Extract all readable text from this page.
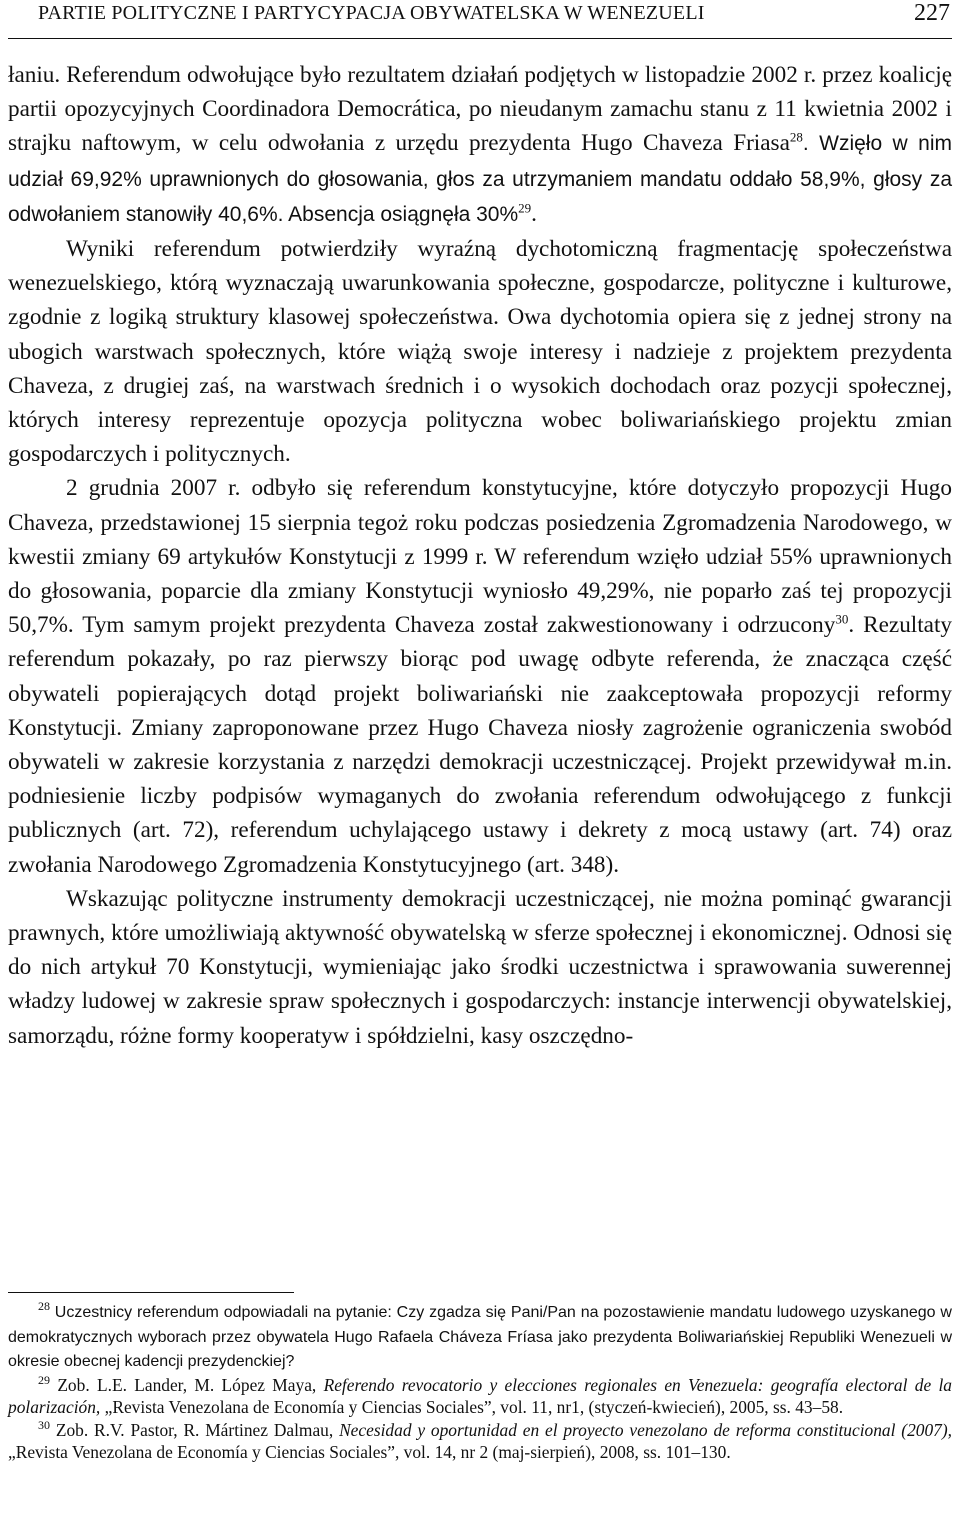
PARTIE POLITYCZNE I PARTYCYPACJA OBYWATELSKA W WENEZUELI	227

łaniu. Referendum odwołujące było rezultatem działań podjętych w listopadzie 2002 r. przez koalicję partii opozycyjnych Coordinadora Democrática, po nieudanym zamachu stanu z 11 kwietnia 2002 i strajku naftowym, w celu odwołania z urzędu prezydenta Hugo Chaveza Friasa$^{28}$. Wzięło w nim udział 69,92% uprawnionych do głosowania, głos za utrzymaniem mandatu oddało 58,9%, głosy za odwołaniem stanowiły 40,6%. Absencja osiągnęła 30%$^{29}$.

Wyniki referendum potwierdziły wyraźną dychotomiczną fragmentację społeczeństwa wenezuelskiego, którą wyznaczają uwarunkowania społeczne, gospodarcze, polityczne i kulturowe, zgodnie z logiką struktury klasowej społeczeństwa. Owa dychotomia opiera się z jednej strony na ubogich warstwach społecznych, które wiążą swoje interesy i nadzieje z projektem prezydenta Chaveza, z drugiej zaś, na warstwach średnich i o wysokich dochodach oraz pozycji społecznej, których interesy reprezentuje opozycja polityczna wobec boliwariańskiego projektu zmian gospodarczych i politycznych.

2 grudnia 2007 r. odbyło się referendum konstytucyjne, które dotyczyło propozycji Hugo Chaveza, przedstawionej 15 sierpnia tegoż roku podczas posiedzenia Zgromadzenia Narodowego, w kwestii zmiany 69 artykułów Konstytucji z 1999 r. W referendum wzięło udział 55% uprawnionych do głosowania, poparcie dla zmiany Konstytucji wyniosło 49,29%, nie poparło zaś tej propozycji 50,7%. Tym samym projekt prezydenta Chaveza został zakwestionowany i odrzucony$^{30}$. Rezultaty referendum pokazały, po raz pierwszy biorąc pod uwagę odbyte referenda, że znacząca część obywateli popierających dotąd projekt boliwariański nie zaakceptowała propozycji reformy Konstytucji. Zmiany zaproponowane przez Hugo Chaveza niosły zagrożenie ograniczenia swobód obywateli w zakresie korzystania z narzędzi demokracji uczestniczącej. Projekt przewidywał m.in. podniesienie liczby podpisów wymaganych do zwołania referendum odwołującego z funkcji publicznych (art. 72), referendum uchylającego ustawy i dekrety z mocą ustawy (art. 74) oraz zwołania Narodowego Zgromadzenia Konstytucyjnego (art. 348).

Wskazując polityczne instrumenty demokracji uczestniczącej, nie można pominąć gwarancji prawnych, które umożliwiają aktywność obywatelską w sferze społecznej i ekonomicznej. Odnosi się do nich artykuł 70 Konstytucji, wymieniając jako środki uczestnictwa i sprawowania suwerennej władzy ludowej w zakresie spraw społecznych i gospodarczych: instancje interwencji obywatelskiej, samorządu, różne formy kooperatyw i spółdzielni, kasy oszczędno-

$^{28}$ Uczestnicy referendum odpowiadali na pytanie: Czy zgadza się Pani/Pan na pozostawienie mandatu ludowego uzyskanego w demokratycznych wyborach przez obywatela Hugo Rafaela Cháveza Fríasa jako prezydenta Boliwariańskiej Republiki Wenezueli w okresie obecnej kadencji prezydenckiej?

$^{29}$ Zob. L.E. Lander, M. López Maya, Referendo revocatorio y elecciones regionales en Venezuela: geografía electoral de la polarización, „Revista Venezolana de Economía y Ciencias Sociales”, vol. 11, nr1, (styczeń-kwiecień), 2005, ss. 43–58.

$^{30}$ Zob. R.V. Pastor, R. Mártinez Dalmau, Necesidad y oportunidad en el proyecto venezolano de reforma constitucional (2007), „Revista Venezolana de Economía y Ciencias Sociales”, vol. 14, nr 2 (maj-sierpień), 2008, ss. 101–130.
